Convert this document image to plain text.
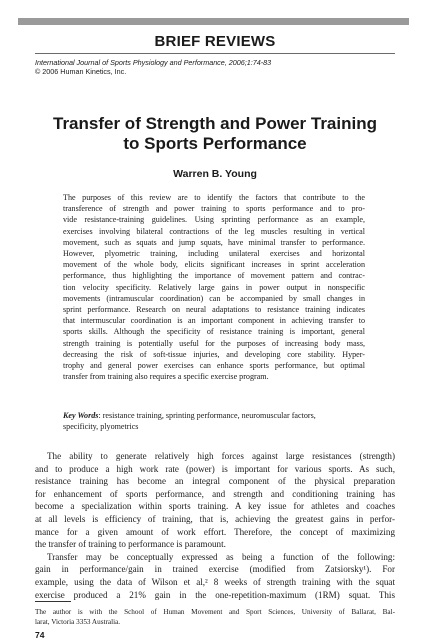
BRIEF REVIEWS
International Journal of Sports Physiology and Performance, 2006;1:74-83
© 2006 Human Kinetics, Inc.
Transfer of Strength and Power Training
to Sports Performance
Warren B. Young
The purposes of this review are to identify the factors that contribute to the
transference of strength and power training to sports performance and to pro-
vide resistance-training guidelines. Using sprinting performance as an example,
exercises involving bilateral contractions of the leg muscles resulting in vertical
movement, such as squats and jump squats, have minimal transfer to performance.
However, plyometric training, including unilateral exercises and horizontal
movement of the whole body, elicits significant increases in sprint acceleration
performance, thus highlighting the importance of movement pattern and contrac-
tion velocity specificity. Relatively large gains in power output in nonspecific
movements (intramuscular coordination) can be accompanied by small changes in
sprint performance. Research on neural adaptations to resistance training indicates
that intermuscular coordination is an important component in achieving transfer to
sports skills. Although the specificity of resistance training is important, general
strength training is potentially useful for the purposes of increasing body mass,
decreasing the risk of soft-tissue injuries, and developing core stability. Hyper-
trophy and general power exercises can enhance sports performance, but optimal
transfer from training also requires a specific exercise program.
Key Words: resistance training, sprinting performance, neuromuscular factors,
specificity, plyometrics
The ability to generate relatively high forces against large resistances (strength)
and to produce a high work rate (power) is important for various sports. As such,
resistance training has become an integral component of the physical preparation
for enhancement of sports performance, and strength and conditioning training has
become a specialization within sports training. A key issue for athletes and coaches
at all levels is efficiency of training, that is, achieving the greatest gains in perfor-
mance for a given amount of work effort. Therefore, the concept of maximizing
the transfer of training to performance is paramount.
Transfer may be conceptually expressed as being a function of the following:
gain in performance/gain in trained exercise (modified from Zatsiorsky¹). For
example, using the data of Wilson et al,² 8 weeks of strength training with the squat
exercise produced a 21% gain in the one-repetition-maximum (1RM) squat. This
The author is with the School of Human Movement and Sport Sciences, University of Ballarat, Bal-
larat, Victoria 3353 Australia.
74
